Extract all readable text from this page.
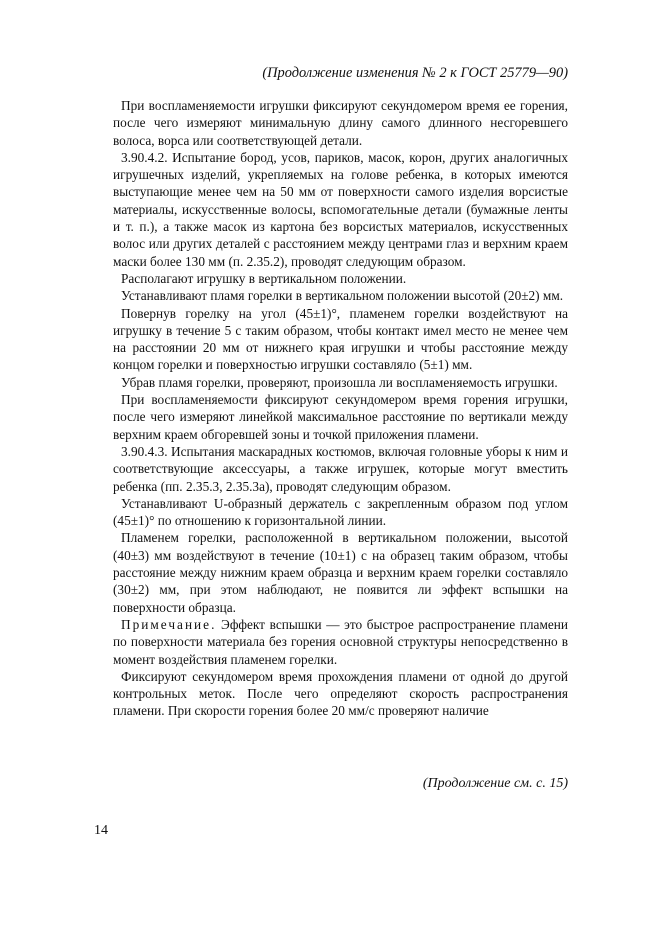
(Продолжение изменения № 2 к ГОСТ 25779—90)

При воспламеняемости игрушки фиксируют секундомером время ее горения, после чего измеряют минимальную длину самого длинного несгоревшего волоса, ворса или соответствующей детали.

3.90.4.2. Испытание бород, усов, париков, масок, корон, других аналогичных игрушечных изделий, укрепляемых на голове ребенка, в которых имеются выступающие менее чем на 50 мм от поверхности самого изделия ворсистые материалы, искусственные волосы, вспомогательные детали (бумажные ленты и т. п.), а также масок из картона без ворсистых материалов, искусственных волос или других деталей с расстоянием между центрами глаз и верхним краем маски более 130 мм (п. 2.35.2), проводят следующим образом.

Располагают игрушку в вертикальном положении.

Устанавливают пламя горелки в вертикальном положении высотой (20±2) мм.

Повернув горелку на угол (45±1)°, пламенем горелки воздействуют на игрушку в течение 5 с таким образом, чтобы контакт имел место не менее чем на расстоянии 20 мм от нижнего края игрушки и чтобы расстояние между концом горелки и поверхностью игрушки составляло (5±1) мм.

Убрав пламя горелки, проверяют, произошла ли воспламеняемость игрушки.

При воспламеняемости фиксируют секундомером время горения игрушки, после чего измеряют линейкой максимальное расстояние по вертикали между верхним краем обгоревшей зоны и точкой приложения пламени.

3.90.4.3. Испытания маскарадных костюмов, включая головные уборы к ним и соответствующие аксессуары, а также игрушек, которые могут вместить ребенка (пп. 2.35.3, 2.35.3а), проводят следующим образом.

Устанавливают U-образный держатель с закрепленным образом под углом (45±1)° по отношению к горизонтальной линии.

Пламенем горелки, расположенной в вертикальном положении, высотой (40±3) мм воздействуют в течение (10±1) с на образец таким образом, чтобы расстояние между нижним краем образца и верхним краем горелки составляло (30±2) мм, при этом наблюдают, не появится ли эффект вспышки на поверхности образца.

Примечание. Эффект вспышки — это быстрое распространение пламени по поверхности материала без горения основной структуры непосредственно в момент воздействия пламенем горелки.

Фиксируют секундомером время прохождения пламени от одной до другой контрольных меток. После чего определяют скорость распространения пламени. При скорости горения более 20 мм/с проверяют наличие

(Продолжение см. с. 15)
14
